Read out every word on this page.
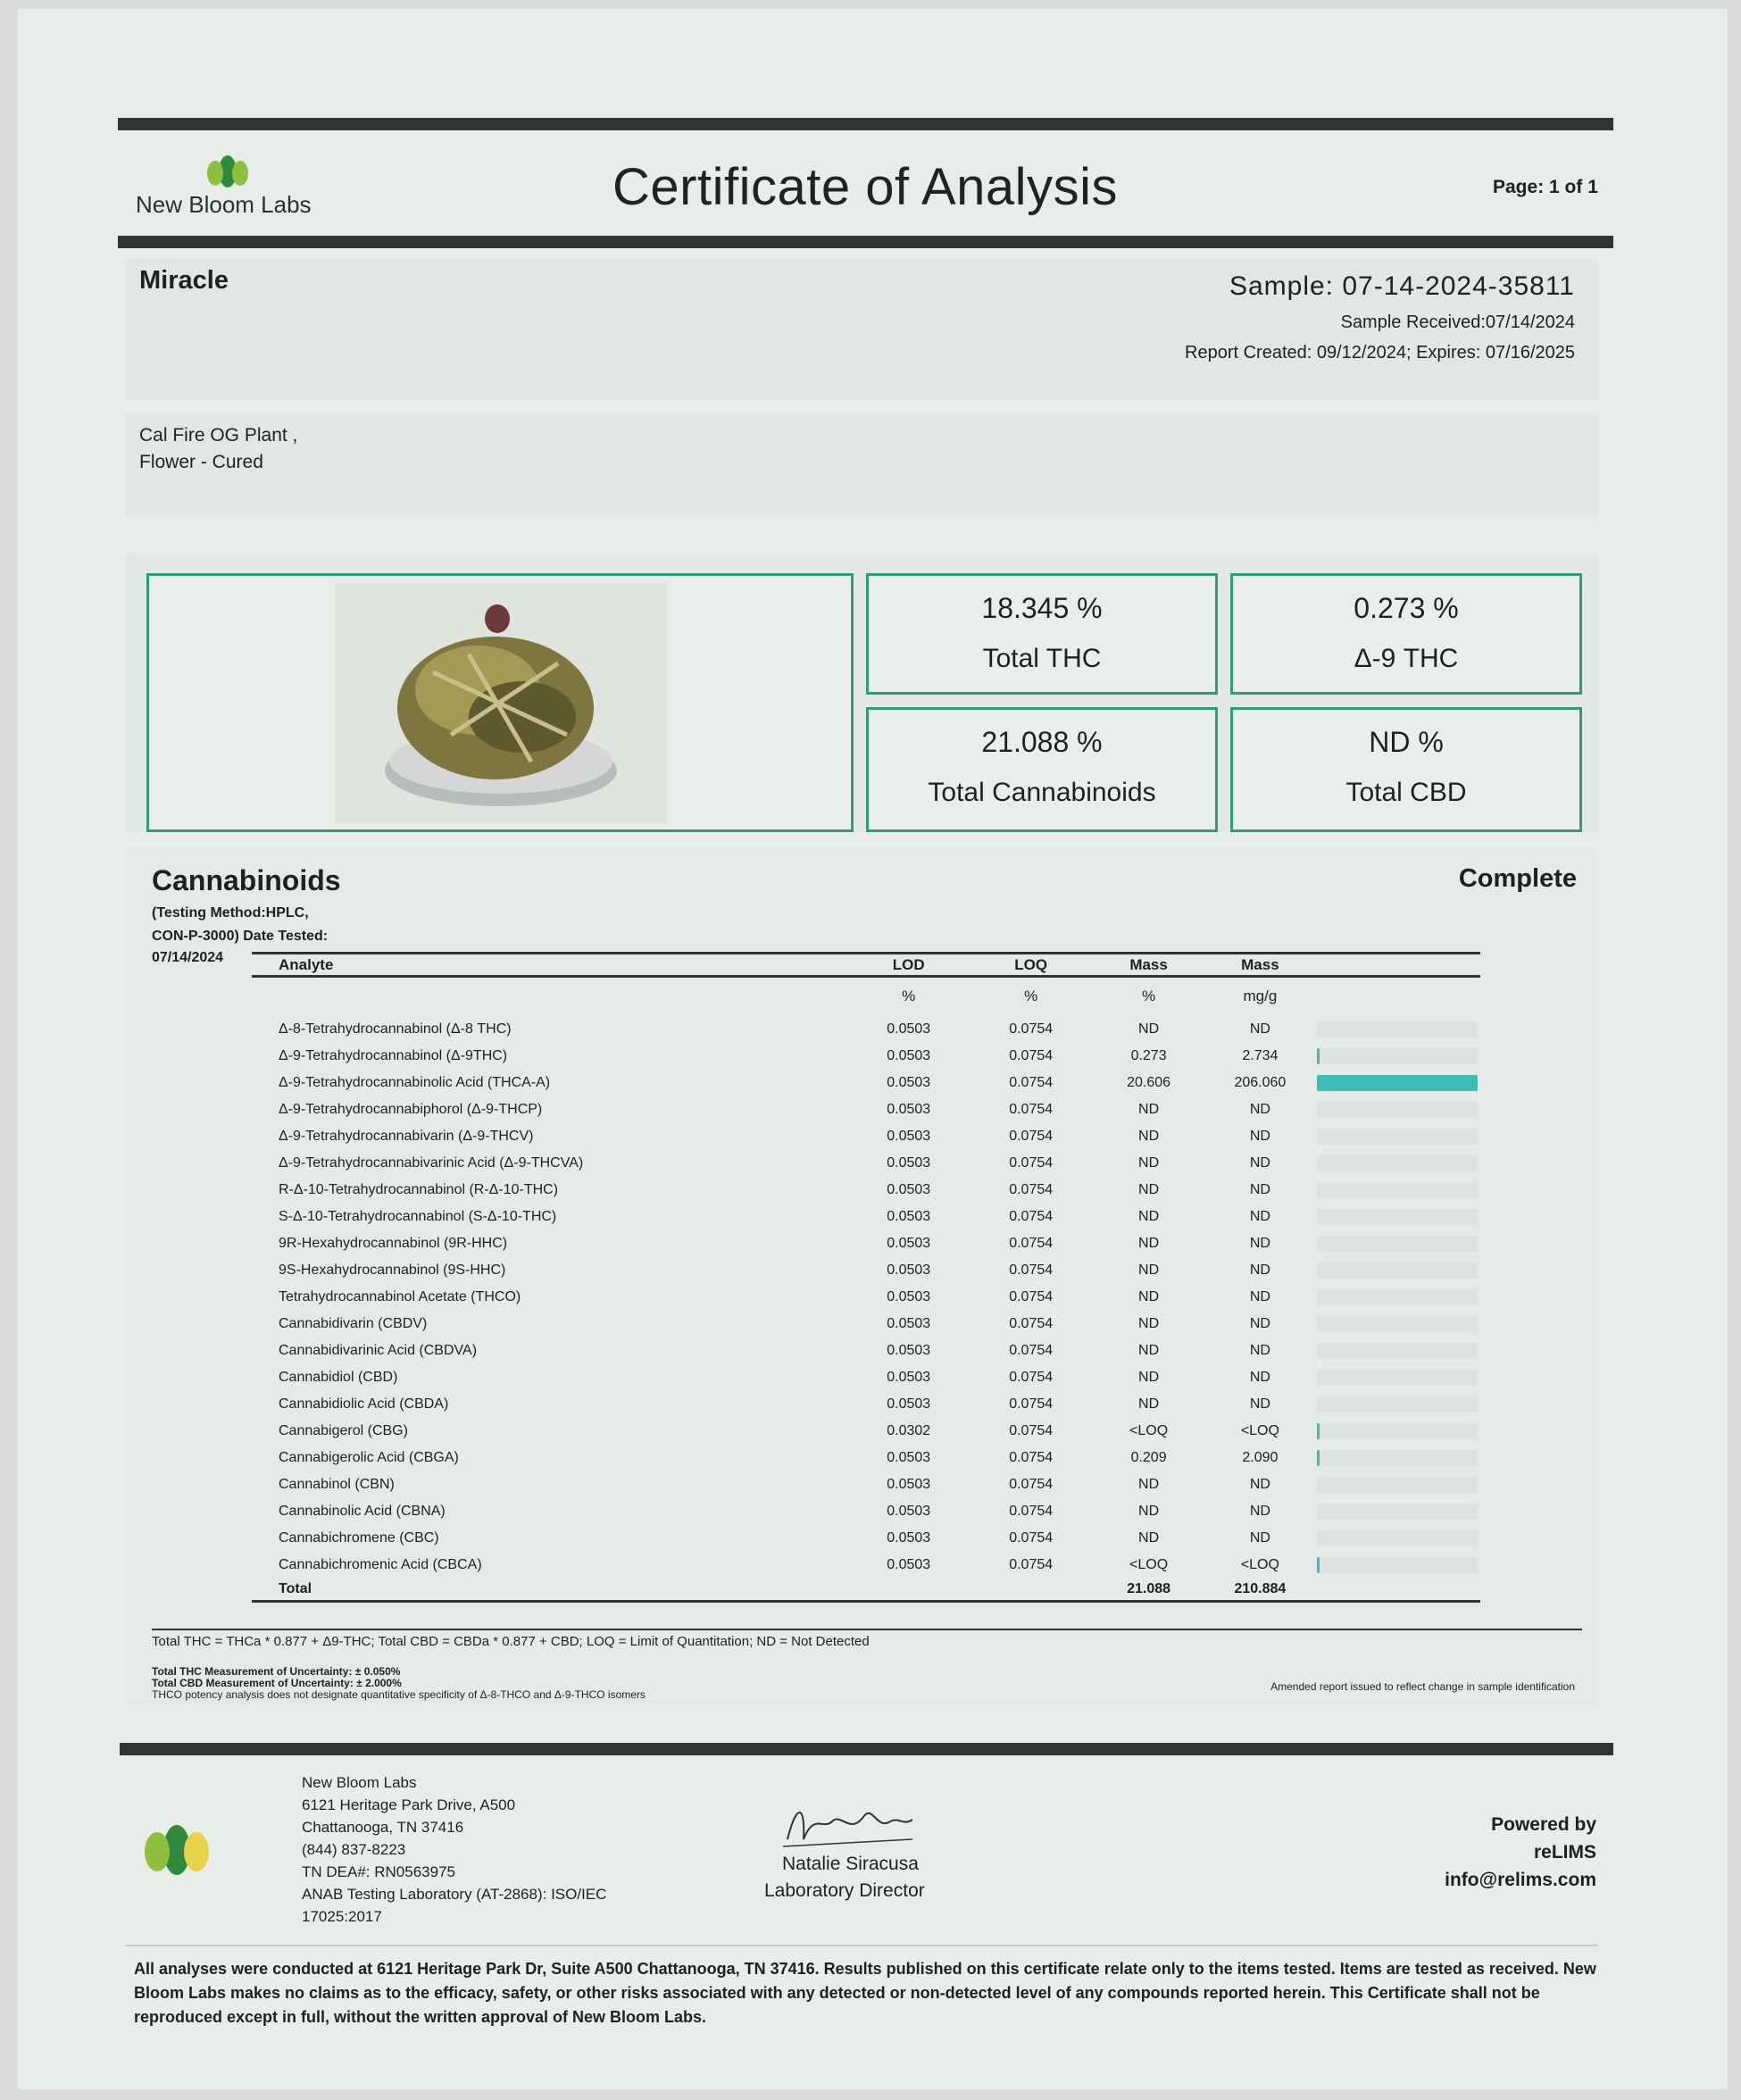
New Bloom Labs	Certificate of Analysis	Page: 1 of 1
Miracle	Sample: 07-14-2024-35811
Sample Received:07/14/2024
Report Created: 09/12/2024; Expires: 07/16/2025
Cal Fire OG Plant ,
Flower - Cured
18.345 %
Total THC
0.273 %
Δ-9 THC
21.088 %
Total Cannabinoids
ND %
Total CBD
Cannabinoids	Complete
(Testing Method:HPLC,
CON-P-3000) Date Tested:
07/14/2024	Analyte	LOD	LOQ	Mass	Mass	
	%	%	%	mg/g	
Δ-8-Tetrahydrocannabinol (Δ-8 THC)	0.0503	0.0754	ND	ND	

Δ-9-Tetrahydrocannabinol (Δ-9THC)	0.0503	0.0754	0.273	2.734	

Δ-9-Tetrahydrocannabinolic Acid (THCA-A)	0.0503	0.0754	20.606	206.060	

Δ-9-Tetrahydrocannabiphorol (Δ-9-THCP)	0.0503	0.0754	ND	ND	

Δ-9-Tetrahydrocannabivarin (Δ-9-THCV)	0.0503	0.0754	ND	ND	

Δ-9-Tetrahydrocannabivarinic Acid (Δ-9-THCVA)	0.0503	0.0754	ND	ND	

R-Δ-10-Tetrahydrocannabinol (R-Δ-10-THC)	0.0503	0.0754	ND	ND	

S-Δ-10-Tetrahydrocannabinol (S-Δ-10-THC)	0.0503	0.0754	ND	ND	

9R-Hexahydrocannabinol (9R-HHC)	0.0503	0.0754	ND	ND	

9S-Hexahydrocannabinol (9S-HHC)	0.0503	0.0754	ND	ND	

Tetrahydrocannabinol Acetate (THCO)	0.0503	0.0754	ND	ND	

Cannabidivarin (CBDV)	0.0503	0.0754	ND	ND	

Cannabidivarinic Acid (CBDVA)	0.0503	0.0754	ND	ND	

Cannabidiol (CBD)	0.0503	0.0754	ND	ND	

Cannabidiolic Acid (CBDA)	0.0503	0.0754	ND	ND	

Cannabigerol (CBG)	0.0302	0.0754	<LOQ	<LOQ	

Cannabigerolic Acid (CBGA)	0.0503	0.0754	0.209	2.090	

Cannabinol (CBN)	0.0503	0.0754	ND	ND	

Cannabinolic Acid (CBNA)	0.0503	0.0754	ND	ND	

Cannabichromene (CBC)	0.0503	0.0754	ND	ND	

Cannabichromenic Acid (CBCA)	0.0503	0.0754	<LOQ	<LOQ	

Total			21.088	210.884	
Total THC = THCa * 0.877 + Δ9-THC; Total CBD = CBDa * 0.877 + CBD; LOQ = Limit of Quantitation; ND = Not Detected
Total THC Measurement of Uncertainty: ± 0.050%
Total CBD Measurement of Uncertainty: ± 2.000%
THCO potency analysis does not designate quantitative specificity of Δ-8-THCO and Δ-9-THCO isomers
Amended report issued to reflect change in sample identification
New Bloom Labs
6121 Heritage Park Drive, A500
Chattanooga, TN 37416
(844) 837-8223
TN DEA#: RN0563975
ANAB Testing Laboratory (AT-2868): ISO/IEC
17025:2017
Natalie Siracusa
Laboratory Director
Powered by
reLIMS
info@relims.com
All analyses were conducted at 6121 Heritage Park Dr, Suite A500 Chattanooga, TN 37416. Results published on this certificate relate only to the items tested. Items are tested as received. New Bloom Labs makes no claims as to the efficacy, safety, or other risks associated with any detected or non-detected level of any compounds reported herein. This Certificate shall not be reproduced except in full, without the written approval of New Bloom Labs.
